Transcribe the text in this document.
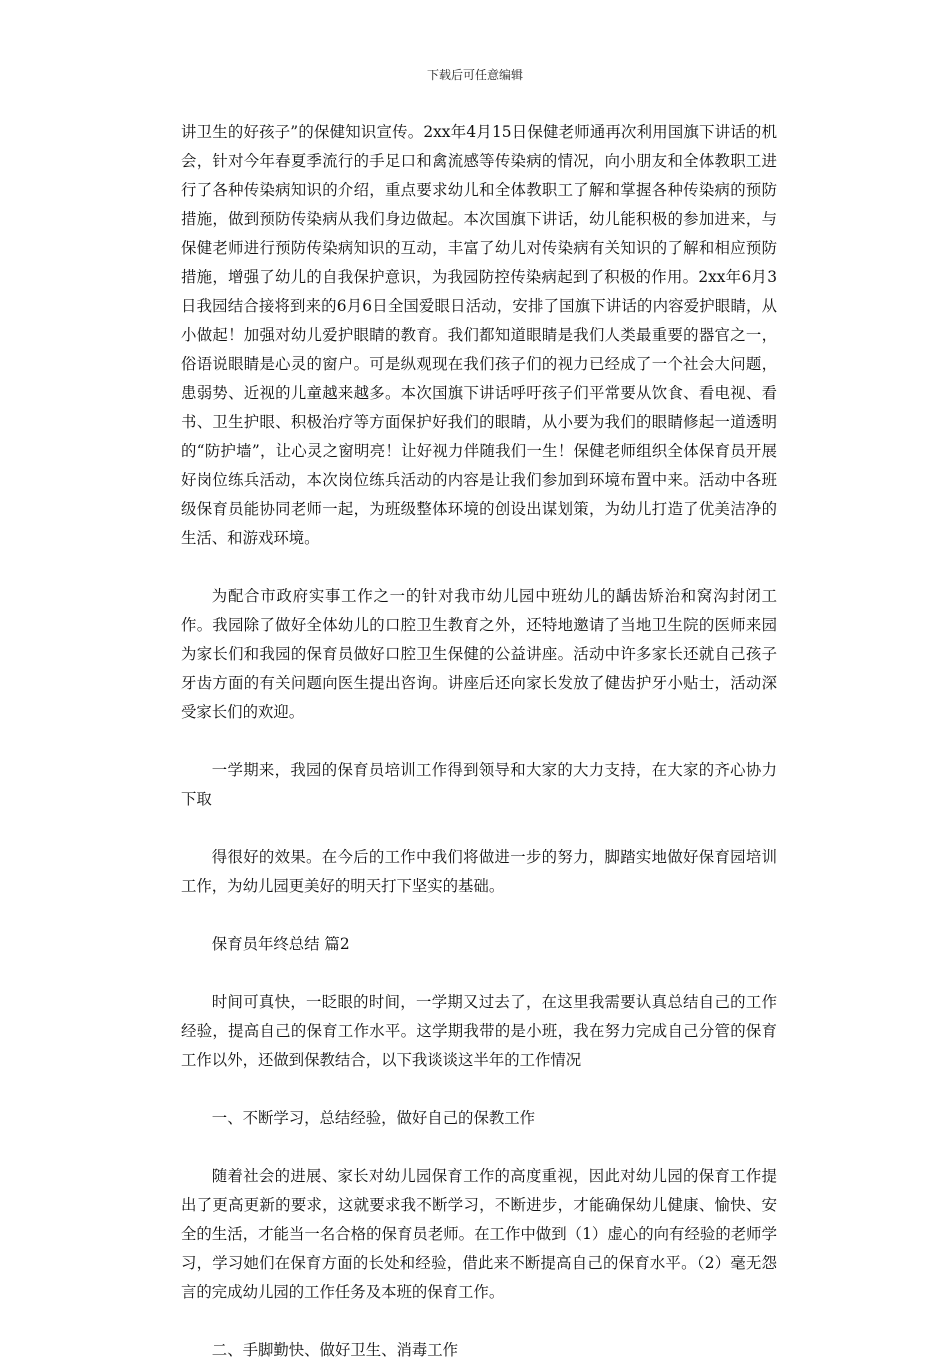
下载后可任意编辑

讲卫生的好孩子”的保健知识宣传。2xx年4月15日保健老师通再次利用国旗下讲话的机会，针对今年春夏季流行的手足口和禽流感等传染病的情况，向小朋友和全体教职工进行了各种传染病知识的介绍，重点要求幼儿和全体教职工了解和掌握各种传染病的预防措施，做到预防传染病从我们身边做起。本次国旗下讲话，幼儿能积极的参加进来，与保健老师进行预防传染病知识的互动，丰富了幼儿对传染病有关知识的了解和相应预防措施，增强了幼儿的自我保护意识，为我园防控传染病起到了积极的作用。2xx年6月3日我园结合接将到来的6月6日全国爱眼日活动，安排了国旗下讲话的内容爱护眼睛，从小做起！加强对幼儿爱护眼睛的教育。我们都知道眼睛是我们人类最重要的器官之一，俗语说眼睛是心灵的窗户。可是纵观现在我们孩子们的视力已经成了一个社会大问题，患弱势、近视的儿童越来越多。本次国旗下讲话呼吁孩子们平常要从饮食、看电视、看书、卫生护眼、积极治疗等方面保护好我们的眼睛，从小要为我们的眼睛修起一道透明的“防护墙”，让心灵之窗明亮！让好视力伴随我们一生！保健老师组织全体保育员开展好岗位练兵活动，本次岗位练兵活动的内容是让我们参加到环境布置中来。活动中各班级保育员能协同老师一起，为班级整体环境的创设出谋划策，为幼儿打造了优美洁净的生活、和游戏环境。

为配合市政府实事工作之一的针对我市幼儿园中班幼儿的龋齿矫治和窝沟封闭工作。我园除了做好全体幼儿的口腔卫生教育之外，还特地邀请了当地卫生院的医师来园为家长们和我园的保育员做好口腔卫生保健的公益讲座。活动中许多家长还就自己孩子牙齿方面的有关问题向医生提出咨询。讲座后还向家长发放了健齿护牙小贴士，活动深受家长们的欢迎。

一学期来，我园的保育员培训工作得到领导和大家的大力支持，在大家的齐心协力下取

得很好的效果。在今后的工作中我们将做进一步的努力，脚踏实地做好保育园培训工作，为幼儿园更美好的明天打下坚实的基础。

保育员年终总结 篇2

时间可真快，一眨眼的时间，一学期又过去了，在这里我需要认真总结自己的工作经验，提高自己的保育工作水平。这学期我带的是小班，我在努力完成自己分管的保育工作以外，还做到保教结合，以下我谈谈这半年的工作情况

一、不断学习，总结经验，做好自己的保教工作

随着社会的进展、家长对幼儿园保育工作的高度重视，因此对幼儿园的保育工作提出了更高更新的要求，这就要求我不断学习，不断进步，才能确保幼儿健康、愉快、安全的生活，才能当一名合格的保育员老师。在工作中做到（1）虚心的向有经验的老师学习，学习她们在保育方面的长处和经验，借此来不断提高自己的保育水平。（2）毫无怨言的完成幼儿园的工作任务及本班的保育工作。

二、手脚勤快、做好卫生、消毒工作
